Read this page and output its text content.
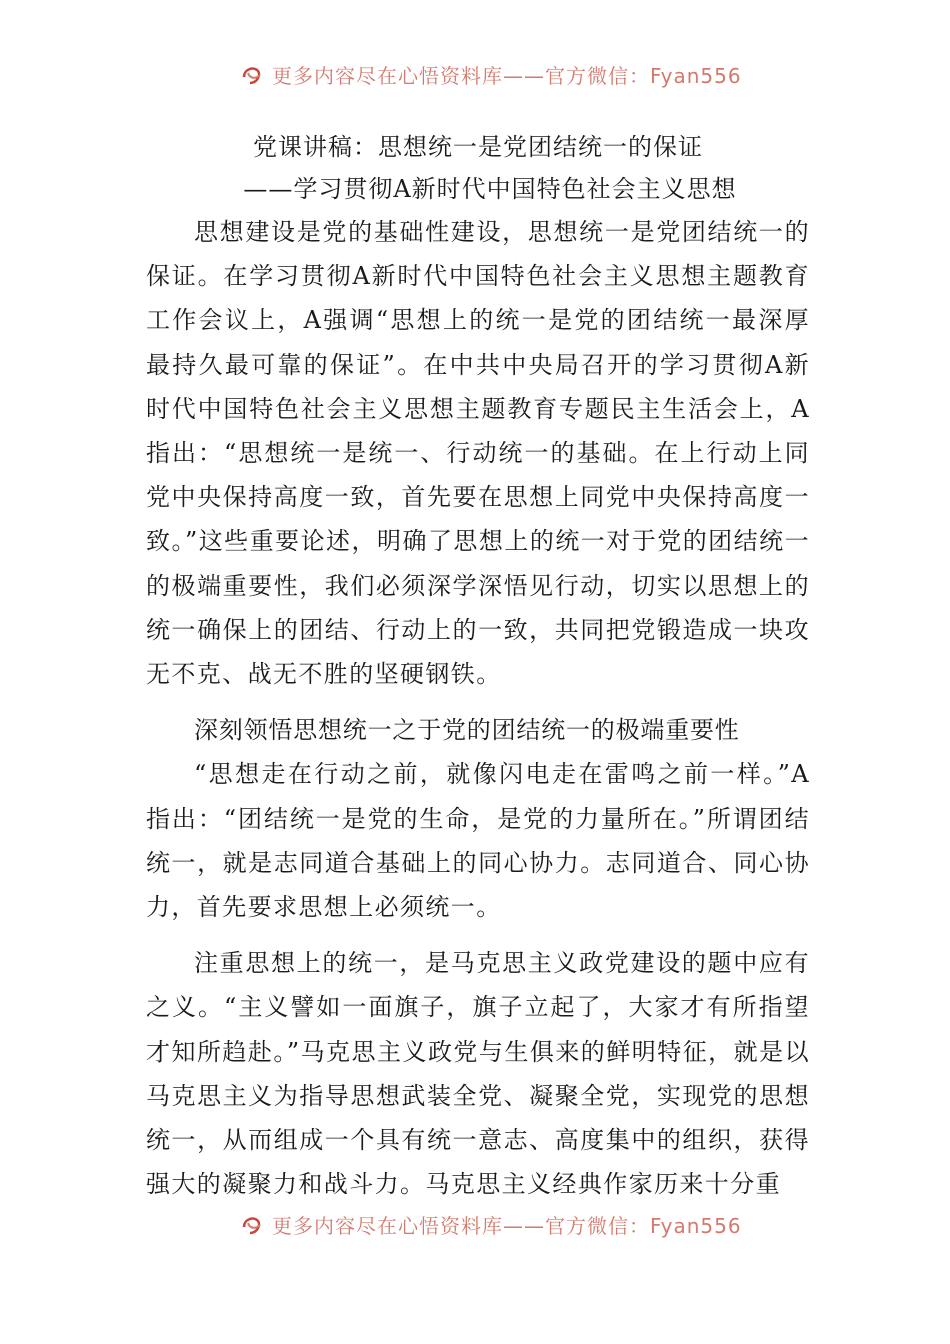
更多内容尽在心悟资料库——官方微信：Fyan556

党课讲稿：思想统一是党团结统一的保证

——学习贯彻A新时代中国特色社会主义思想

思想建设是党的基础性建设，思想统一是党团结统一的保证。在学习贯彻A新时代中国特色社会主义思想主题教育工作会议上，A强调“思想上的统一是党的团结统一最深厚最持久最可靠的保证”。在中共中央局召开的学习贯彻A新时代中国特色社会主义思想主题教育专题民主生活会上，A指出：“思想统一是统一、行动统一的基础。在上行动上同党中央保持高度一致，首先要在思想上同党中央保持高度一致。”这些重要论述，明确了思想上的统一对于党的团结统一的极端重要性，我们必须深学深悟见行动，切实以思想上的统一确保上的团结、行动上的一致，共同把党锻造成一块攻无不克、战无不胜的坚硬钢铁。

深刻领悟思想统一之于党的团结统一的极端重要性

“思想走在行动之前，就像闪电走在雷鸣之前一样。”A指出：“团结统一是党的生命，是党的力量所在。”所谓团结统一，就是志同道合基础上的同心协力。志同道合、同心协力，首先要求思想上必须统一。

注重思想上的统一，是马克思主义政党建设的题中应有之义。“主义譬如一面旗子，旗子立起了，大家才有所指望才知所趋赴。”马克思主义政党与生俱来的鲜明特征，就是以马克思主义为指导思想武装全党、凝聚全党，实现党的思想统一，从而组成一个具有统一意志、高度集中的组织，获得强大的凝聚力和战斗力。马克思主义经典作家历来十分重

更多内容尽在心悟资料库——官方微信：Fyan556
